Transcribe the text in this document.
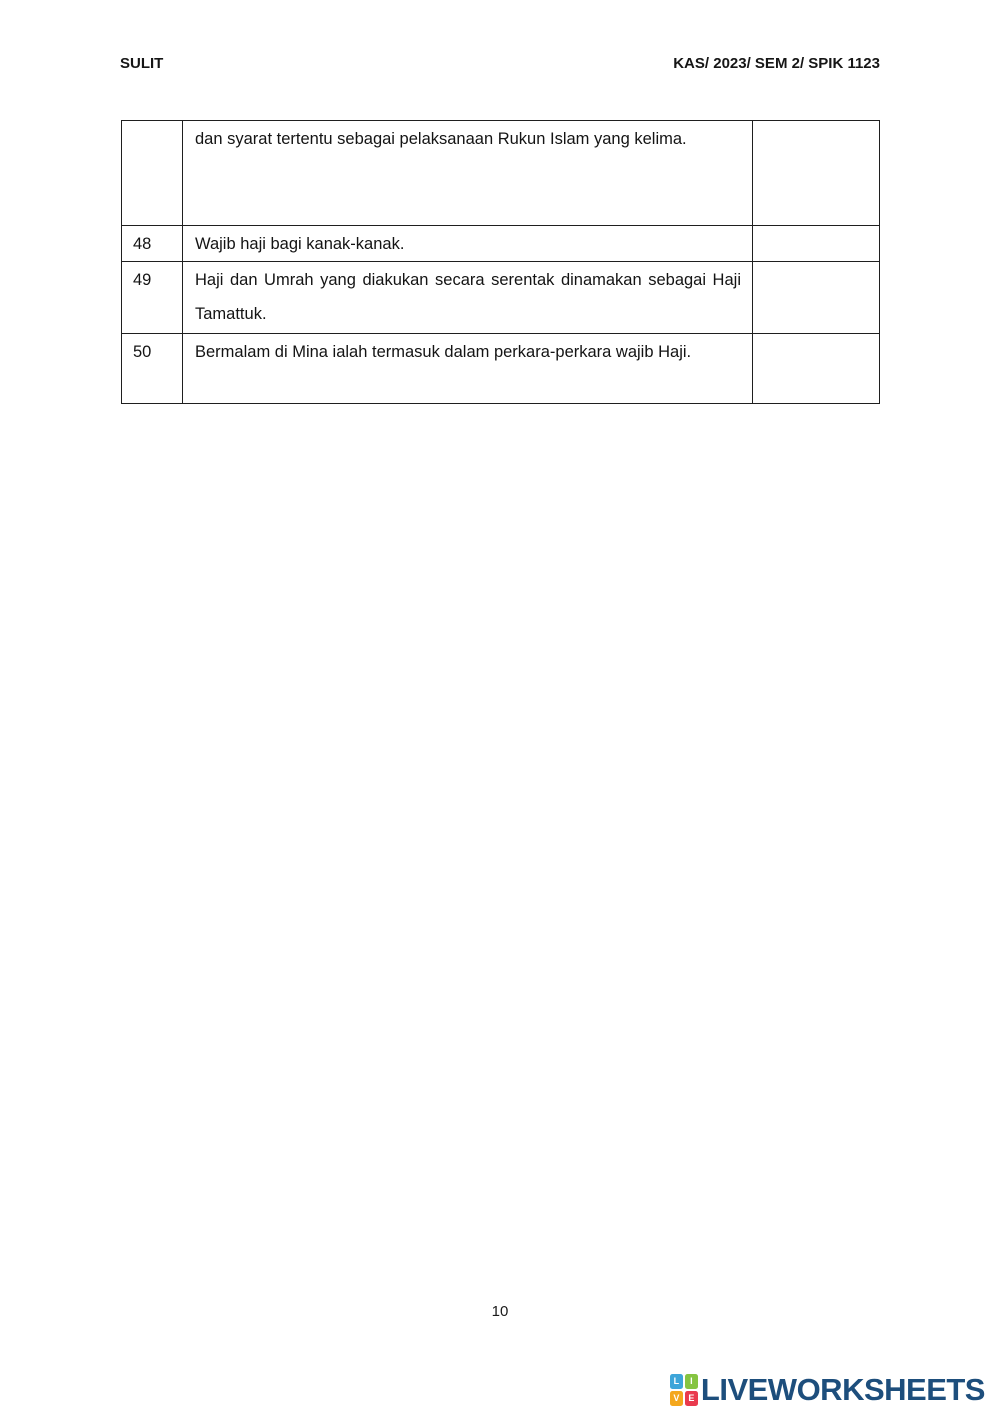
SULIT	KAS/ 2023/ SEM 2/ SPIK 1123
	dan syarat tertentu sebagai pelaksanaan Rukun Islam yang kelima.	
48	Wajib haji bagi kanak-kanak.	
49	Haji dan Umrah yang diakukan secara serentak dinamakan sebagai Haji Tamattuk.	
50	Bermalam di Mina ialah termasuk dalam perkara-perkara wajib Haji.	
10
L	I
V E LIVEWORKSHEETS
